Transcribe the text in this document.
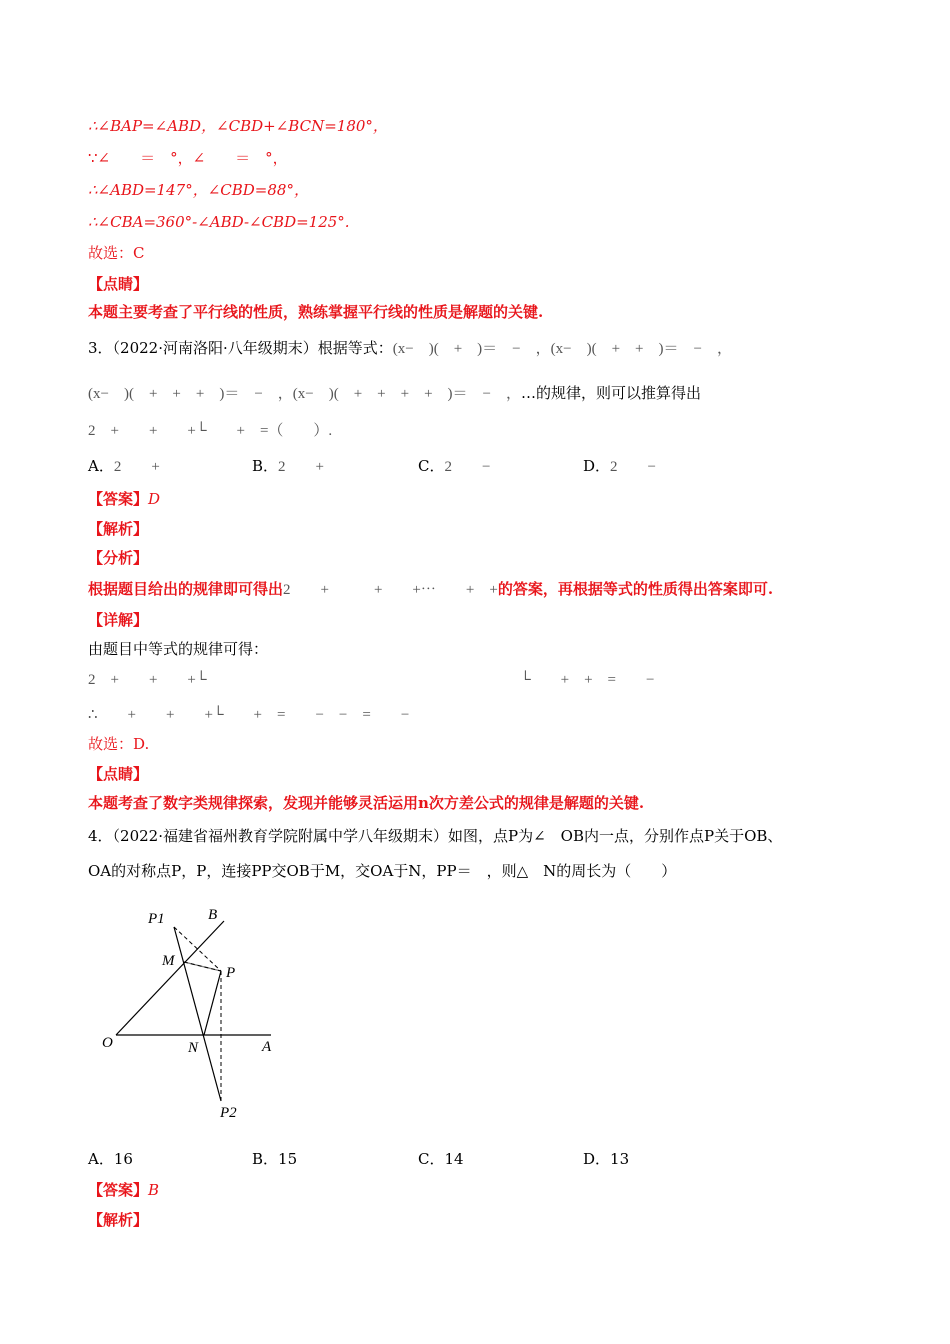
∴∠BAP=∠ABD，∠CBD+∠BCN=180°，
∵∠　　＝　°，∠　　＝　°，
∴∠ABD=147°，∠CBD=88°，
∴∠CBA=360°-∠ABD-∠CBD=125°.
故选：C
【点睛】
本题主要考查了平行线的性质，熟练掌握平行线的性质是解题的关键.
3．（2022·河南洛阳·八年级期末）根据等式：(x−　)(　+　)＝　−　，(x−　)(　+　+　)＝　−　，
(x−　)(　+　+　+　)＝　−　，(x−　)(　+　+　+　+　)＝　−　，…的规律，则可以推算得出
2　+　　+　　+└　　+　=（　　）.
A．2　　+	B．2　　+	C．2　　−	D．2　　−
【答案】D
【解析】
【分析】
根据题目给出的规律即可得出2　　+　　　+　　+⋯　　+　+的答案，再根据等式的性质得出答案即可.
【详解】
由题目中等式的规律可得：
2　+　　+　　+└	└　　+　+　=　　−
∴　　+　　+　　+└　　+　=　　−　−　=　　−
故选：D.
【点睛】
本题考查了数字类规律探索，发现并能够灵活运用n次方差公式的规律是解题的关键.
4．（2022·福建省福州教育学院附属中学八年级期末）如图，点P为∠　OB内一点，分别作点P关于OB、
OA的对称点P，P，连接PP交OB于M，交OA于N，PP＝　，则△　N的周长为（　　）
P1	B
M
P
O	N	A
P2
A．16	B．15	C．14	D．13
【答案】B
【解析】
